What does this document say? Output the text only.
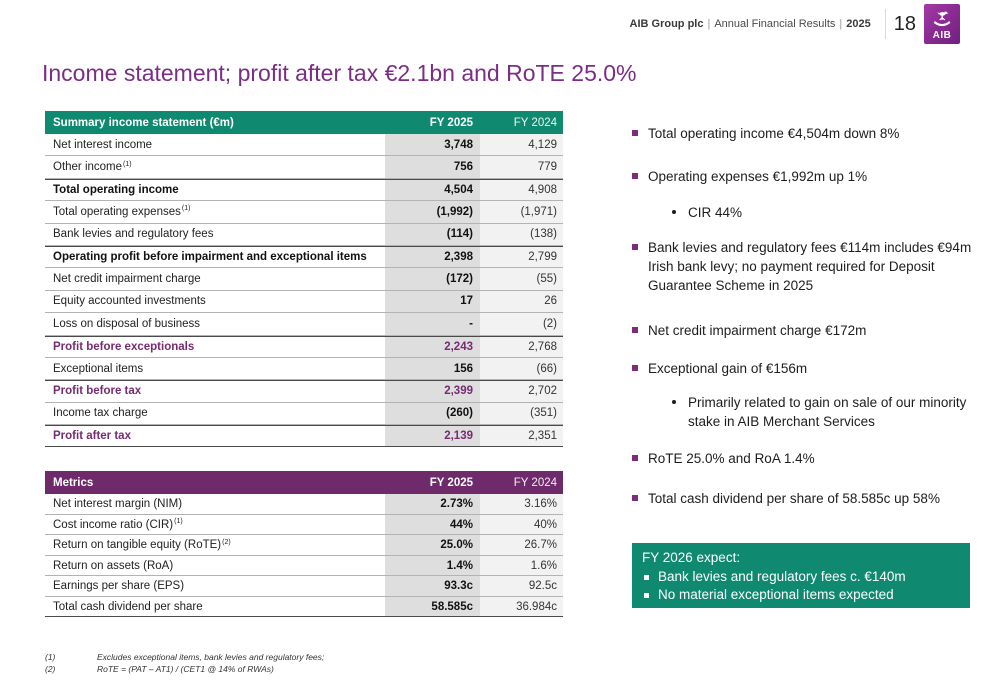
AIB Group plc | Annual Financial Results | 2025 18
AIB
Income statement; profit after tax €2.1bn and RoTE 25.0%
Summary income statement (€m)	FY 2025	FY 2024
Net interest income	3,748	4,129
Other income$^{(1)}$	756	779
Total operating income	4,504	4,908
Total operating expenses$^{(1)}$	(1,992)	(1,971)
Bank levies and regulatory fees	(114)	(138)
Operating profit before impairment and exceptional items	2,398	2,799
Net credit impairment charge	(172)	(55)
Equity accounted investments	17	26
Loss on disposal of business	-	(2)
Profit before exceptionals	2,243	2,768
Exceptional items	156	(66)
Profit before tax	2,399	2,702
Income tax charge	(260)	(351)
Profit after tax	2,139	2,351
Metrics	FY 2025	FY 2024
Net interest margin (NIM)	2.73%	3.16%
Cost income ratio (CIR)$^{(1)}$	44%	40%
Return on tangible equity (RoTE)$^{(2)}$	25.0%	26.7%
Return on assets (RoA)	1.4%	1.6%
Earnings per share (EPS)	93.3c	92.5c
Total cash dividend per share	58.585c	36.984c
Total operating income €4,504m down 8%
Operating expenses €1,992m up 1%
CIR 44%
Bank levies and regulatory fees €114m includes €94m Irish bank levy; no payment required for Deposit Guarantee Scheme in 2025
Net credit impairment charge €172m
Exceptional gain of €156m
Primarily related to gain on sale of our minority stake in AIB Merchant Services
RoTE 25.0% and RoA 1.4%
Total cash dividend per share of 58.585c up 58%
FY 2026 expect:
Bank levies and regulatory fees c. €140m
No material exceptional items expected
(1)	Excludes exceptional items, bank levies and regulatory fees;
(2)	RoTE = (PAT – AT1) / (CET1 @ 14% of RWAs)
